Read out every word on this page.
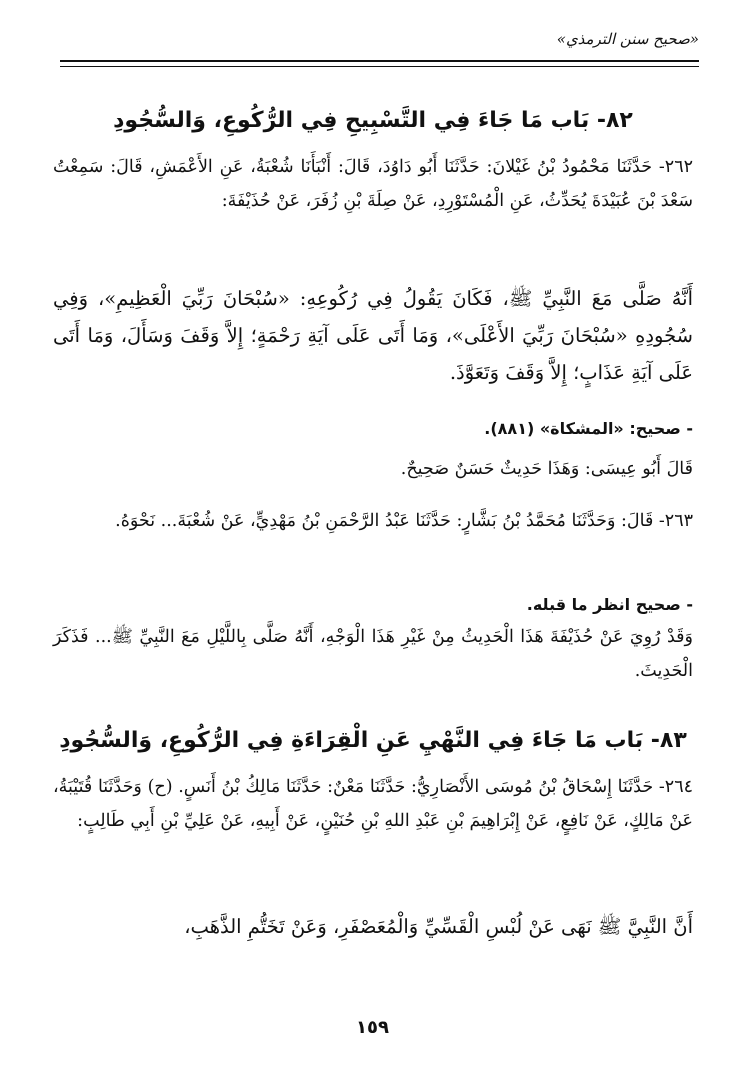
«صحيح سنن الترمذي»
٨٢- بَاب مَا جَاءَ فِي التَّسْبِيحِ فِي الرُّكُوعِ، وَالسُّجُودِ
٢٦٢- حَدَّثَنَا مَحْمُودُ بْنُ غَيْلانَ: حَدَّثَنَا أَبُو دَاوُدَ، قَالَ: أَنْبَأَنَا شُعْبَةُ، عَنِ الأَعْمَشِ، قَالَ: سَمِعْتُ سَعْدَ بْنَ عُبَيْدَةَ يُحَدِّثُ، عَنِ الْمُسْتَوْرِدِ، عَنْ صِلَةَ بْنِ زُفَرَ، عَنْ حُذَيْفَةَ:
أَنَّهُ صَلَّى مَعَ النَّبِيِّ ﷺ، فَكَانَ يَقُولُ فِي رُكُوعِهِ: «سُبْحَانَ رَبِّيَ الْعَظِيمِ»، وَفِي سُجُودِهِ «سُبْحَانَ رَبِّيَ الأَعْلَى»، وَمَا أَتَى عَلَى آيَةِ رَحْمَةٍ؛ إِلاَّ وَقَفَ وَسَأَلَ، وَمَا أَتَى عَلَى آيَةِ عَذَابٍ؛ إِلاَّ وَقَفَ وَتَعَوَّذَ.
- صحيح: «المشكاة» (٨٨١).
قَالَ أَبُو عِيسَى: وَهَذَا حَدِيثٌ حَسَنٌ صَحِيحٌ.
٢٦٣- قَالَ: وَحَدَّثَنَا مُحَمَّدُ بْنُ بَشَّارٍ: حَدَّثَنَا عَبْدُ الرَّحْمَنِ بْنُ مَهْدِيٍّ، عَنْ شُعْبَةَ... نَحْوَهُ.
- صحيح انظر ما قبله.
وَقَدْ رُوِيَ عَنْ حُذَيْفَةَ هَذَا الْحَدِيثُ مِنْ غَيْرِ هَذَا الْوَجْهِ، أَنَّهُ صَلَّى بِاللَّيْلِ مَعَ النَّبِيِّ ﷺ... فَذَكَرَ الْحَدِيثَ.
٨٣- بَاب مَا جَاءَ فِي النَّهْيِ عَنِ الْقِرَاءَةِ فِي الرُّكُوعِ، وَالسُّجُودِ
٢٦٤- حَدَّثَنَا إِسْحَاقُ بْنُ مُوسَى الأَنْصَارِيُّ: حَدَّثَنَا مَعْنٌ: حَدَّثَنَا مَالِكُ بْنُ أَنَسٍ. (ح) وَحَدَّثَنَا قُتَيْبَةُ، عَنْ مَالِكٍ، عَنْ نَافِعٍ، عَنْ إِبْرَاهِيمَ بْنِ عَبْدِ اللهِ بْنِ حُنَيْنٍ، عَنْ أَبِيهِ، عَنْ عَلِيِّ بْنِ أَبِي طَالِبٍ:
أَنَّ النَّبِيَّ ﷺ نَهَى عَنْ لُبْسِ الْقَسِّيِّ وَالْمُعَصْفَرِ، وَعَنْ تَخَتُّمِ الذَّهَبِ،
١٥٩
